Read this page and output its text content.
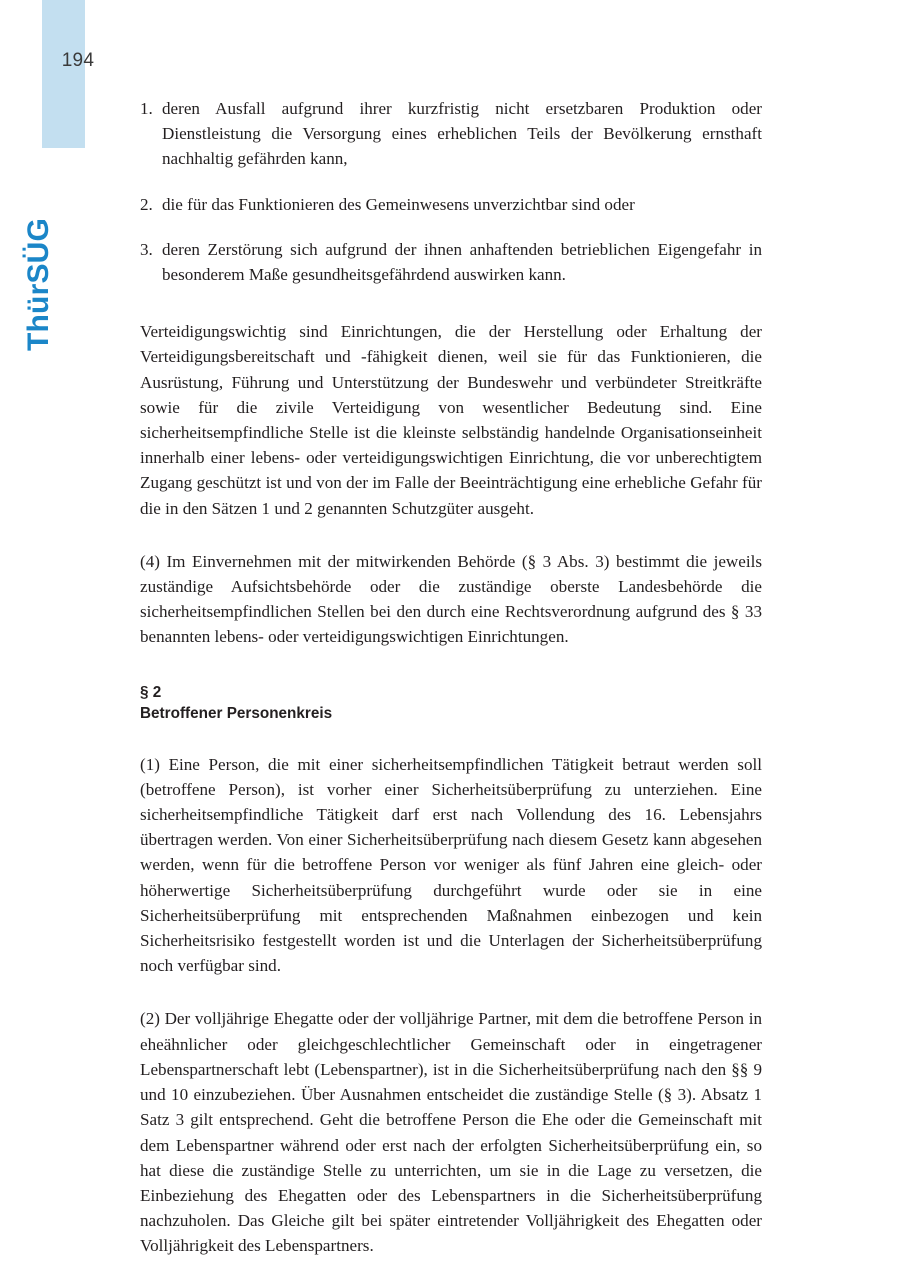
194
ThürSÜG
1. deren Ausfall aufgrund ihrer kurzfristig nicht ersetzbaren Produktion oder Dienstleistung die Versorgung eines erheblichen Teils der Bevölkerung ernsthaft nachhaltig gefährden kann,
2. die für das Funktionieren des Gemeinwesens unverzichtbar sind oder
3. deren Zerstörung sich aufgrund der ihnen anhaftenden betrieblichen Eigengefahr in besonderem Maße gesundheitsgefährdend auswirken kann.

Verteidigungswichtig sind Einrichtungen, die der Herstellung oder Erhaltung der Verteidigungsbereitschaft und -fähigkeit dienen, weil sie für das Funktionieren, die Ausrüstung, Führung und Unterstützung der Bundeswehr und verbündeter Streitkräfte sowie für die zivile Verteidigung von wesentlicher Bedeutung sind. Eine sicherheitsempfindliche Stelle ist die kleinste selbständig handelnde Organisationseinheit innerhalb einer lebens- oder verteidigungswichtigen Einrichtung, die vor unberechtigtem Zugang geschützt ist und von der im Falle der Beeinträchtigung eine erhebliche Gefahr für die in den Sätzen 1 und 2 genannten Schutzgüter ausgeht.

(4) Im Einvernehmen mit der mitwirkenden Behörde (§ 3 Abs. 3) bestimmt die jeweils zuständige Aufsichtsbehörde oder die zuständige oberste Landesbehörde die sicherheitsempfindlichen Stellen bei den durch eine Rechtsverordnung aufgrund des § 33 benannten lebens- oder verteidigungswichtigen Einrichtungen.

§ 2
Betroffener Personenkreis

(1) Eine Person, die mit einer sicherheitsempfindlichen Tätigkeit betraut werden soll (betroffene Person), ist vorher einer Sicherheitsüberprüfung zu unterziehen. Eine sicherheitsempfindliche Tätigkeit darf erst nach Vollendung des 16. Lebensjahrs übertragen werden. Von einer Sicherheitsüberprüfung nach diesem Gesetz kann abgesehen werden, wenn für die betroffene Person vor weniger als fünf Jahren eine gleich- oder höherwertige Sicherheitsüberprüfung durchgeführt wurde oder sie in eine Sicherheitsüberprüfung mit entsprechenden Maßnahmen einbezogen und kein Sicherheitsrisiko festgestellt worden ist und die Unterlagen der Sicherheitsüberprüfung noch verfügbar sind.

(2) Der volljährige Ehegatte oder der volljährige Partner, mit dem die betroffene Person in eheähnlicher oder gleichgeschlechtlicher Gemeinschaft oder in eingetragener Lebenspartnerschaft lebt (Lebenspartner), ist in die Sicherheitsüberprüfung nach den §§ 9 und 10 einzubeziehen. Über Ausnahmen entscheidet die zuständige Stelle (§ 3). Absatz 1 Satz 3 gilt entsprechend. Geht die betroffene Person die Ehe oder die Gemeinschaft mit dem Lebenspartner während oder erst nach der erfolgten Sicherheitsüberprüfung ein, so hat diese die zuständige Stelle zu unterrichten, um sie in die Lage zu versetzen, die Einbeziehung des Ehegatten oder des Lebenspartners in die Sicherheitsüberprüfung nachzuholen. Das Gleiche gilt bei später eintretender Volljährigkeit des Ehegatten oder Volljährigkeit des Lebenspartners.
